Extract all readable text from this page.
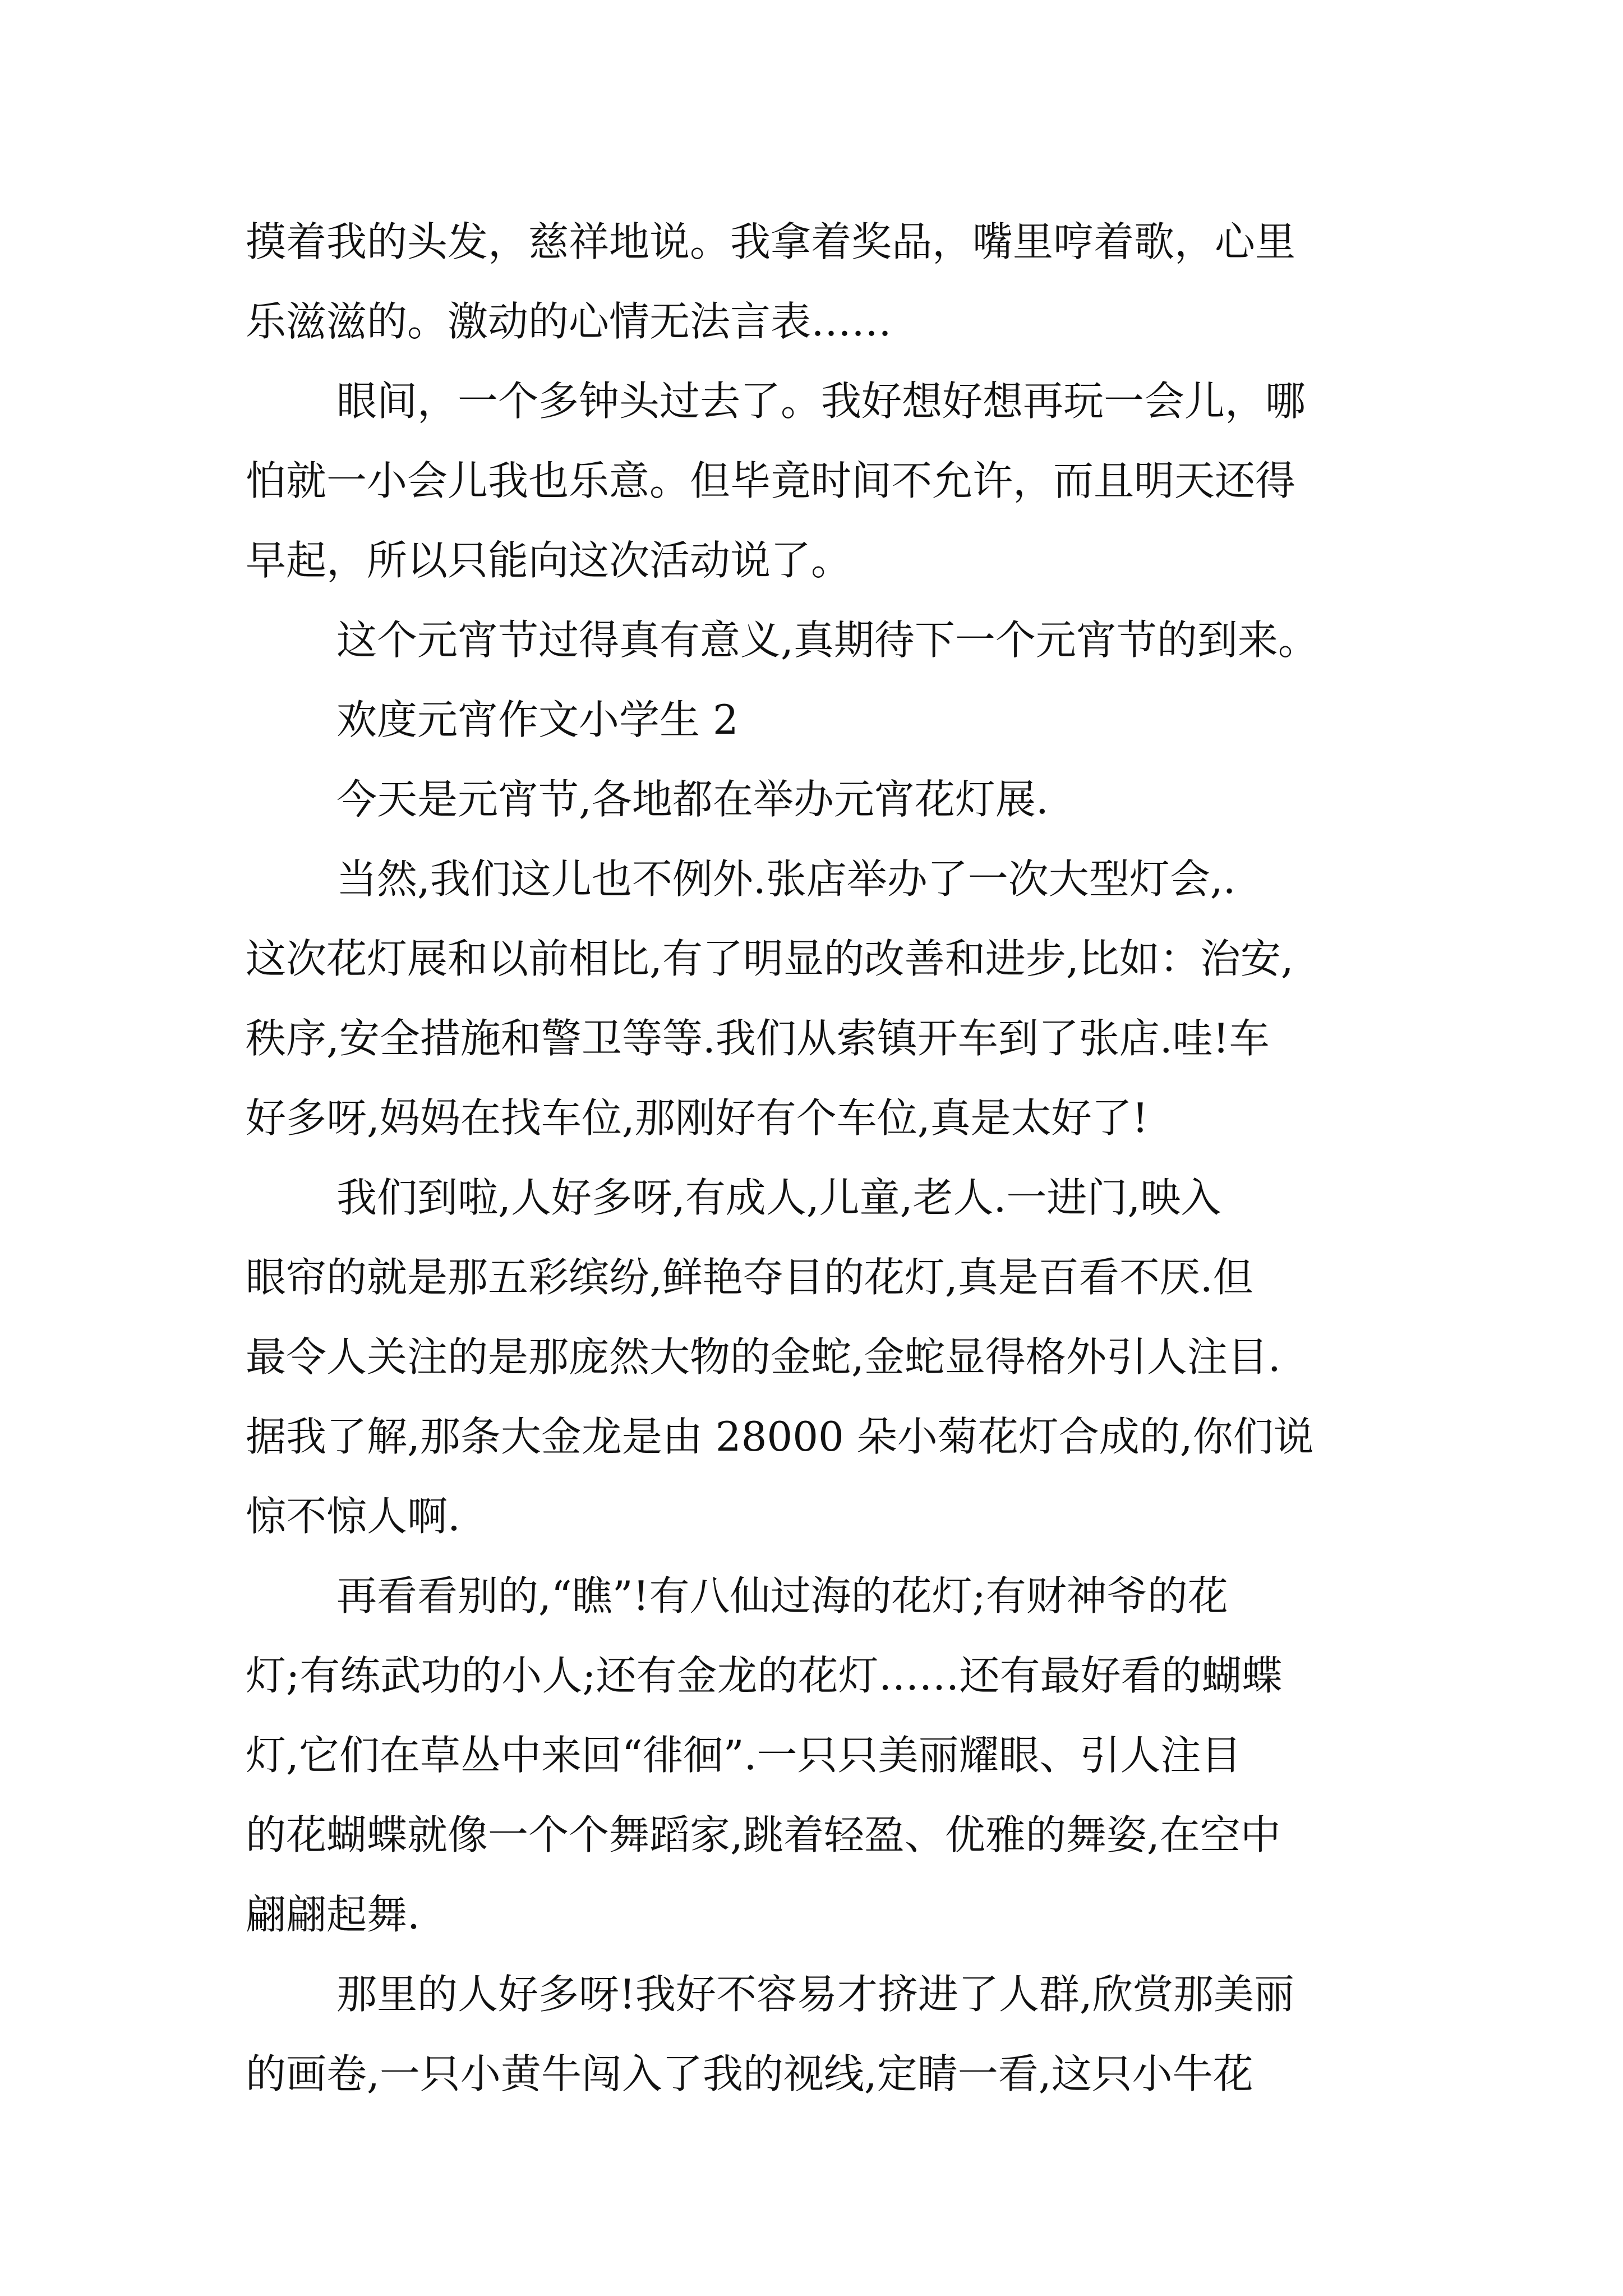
摸着我的头发，慈祥地说。我拿着奖品，嘴里哼着歌，心里
乐滋滋的。激动的心情无法言表……
眼间，一个多钟头过去了。我好想好想再玩一会儿，哪
怕就一小会儿我也乐意。但毕竟时间不允许，而且明天还得
早起，所以只能向这次活动说了。
这个元宵节过得真有意义,真期待下一个元宵节的到来。
欢度元宵作文小学生 2
今天是元宵节,各地都在举办元宵花灯展.
当然,我们这儿也不例外.张店举办了一次大型灯会,.
这次花灯展和以前相比,有了明显的改善和进步,比如：治安,
秩序,安全措施和警卫等等.我们从索镇开车到了张店.哇!车
好多呀,妈妈在找车位,那刚好有个车位,真是太好了!
我们到啦,人好多呀,有成人,儿童,老人.一进门,映入
眼帘的就是那五彩缤纷,鲜艳夺目的花灯,真是百看不厌.但
最令人关注的是那庞然大物的金蛇,金蛇显得格外引人注目.
据我了解,那条大金龙是由 28000 朵小菊花灯合成的,你们说
惊不惊人啊.
再看看别的,“瞧”!有八仙过海的花灯;有财神爷的花
灯;有练武功的小人;还有金龙的花灯……还有最好看的蝴蝶
灯,它们在草丛中来回“徘徊”.一只只美丽耀眼、引人注目
的花蝴蝶就像一个个舞蹈家,跳着轻盈、优雅的舞姿,在空中
翩翩起舞.
那里的人好多呀!我好不容易才挤进了人群,欣赏那美丽
的画卷,一只小黄牛闯入了我的视线,定睛一看,这只小牛花
